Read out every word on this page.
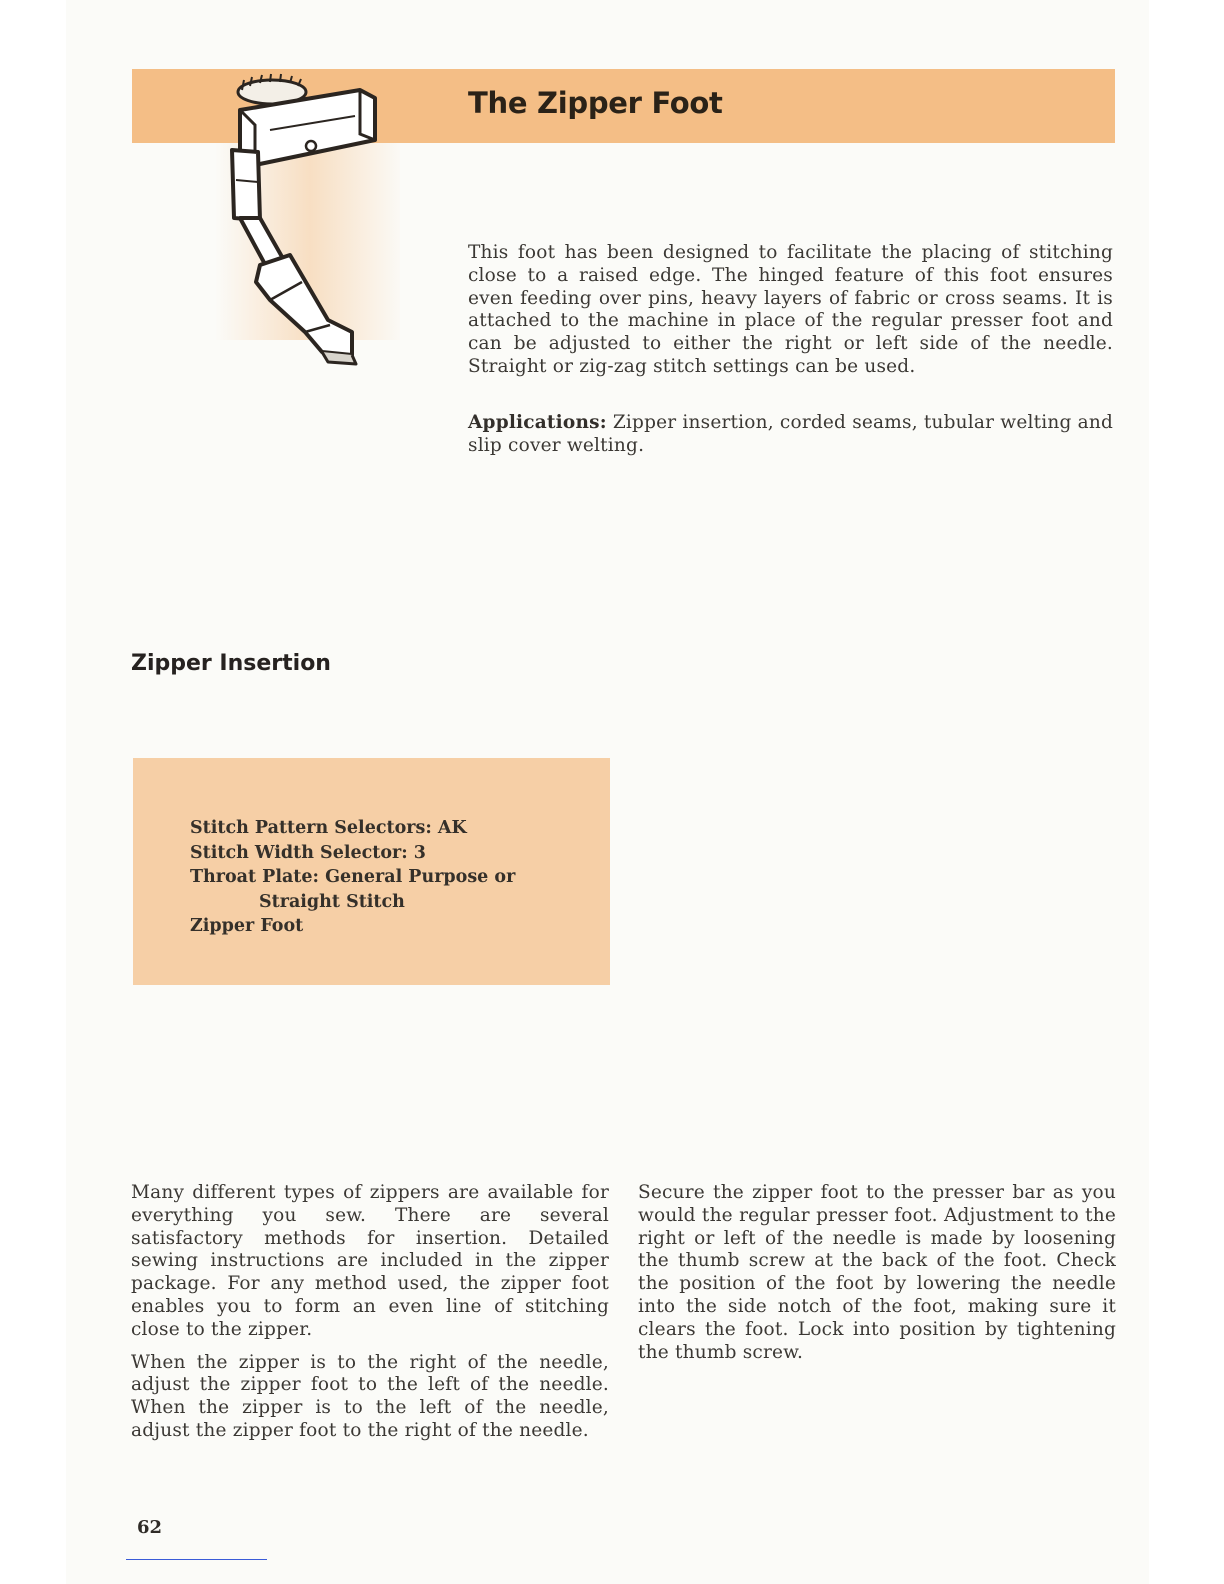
The Zipper Foot

This foot has been designed to facilitate the placing of stitching close to a raised edge. The hinged feature of this foot ensures even feeding over pins, heavy layers of fabric or cross seams. It is attached to the machine in place of the regular presser foot and can be adjusted to either the right or left side of the needle. Straight or zig-zag stitch settings can be used.

Applications: Zipper insertion, corded seams, tubular welting and slip cover welting.

Zipper Insertion
Stitch Pattern Selectors: AK
Stitch Width Selector: 3
Throat Plate: General Purpose or
Straight Stitch
Zipper Foot

Many different types of zippers are available for everything you sew. There are several satisfactory methods for insertion. Detailed sewing instructions are included in the zipper package. For any method used, the zipper foot enables you to form an even line of stitching close to the zipper.

When the zipper is to the right of the needle, adjust the zipper foot to the left of the needle. When the zipper is to the left of the needle, adjust the zipper foot to the right of the needle.

Secure the zipper foot to the presser bar as you would the regular presser foot. Adjustment to the right or left of the needle is made by loosening the thumb screw at the back of the foot. Check the position of the foot by lowering the needle into the side notch of the foot, making sure it clears the foot. Lock into position by tightening the thumb screw.

62
